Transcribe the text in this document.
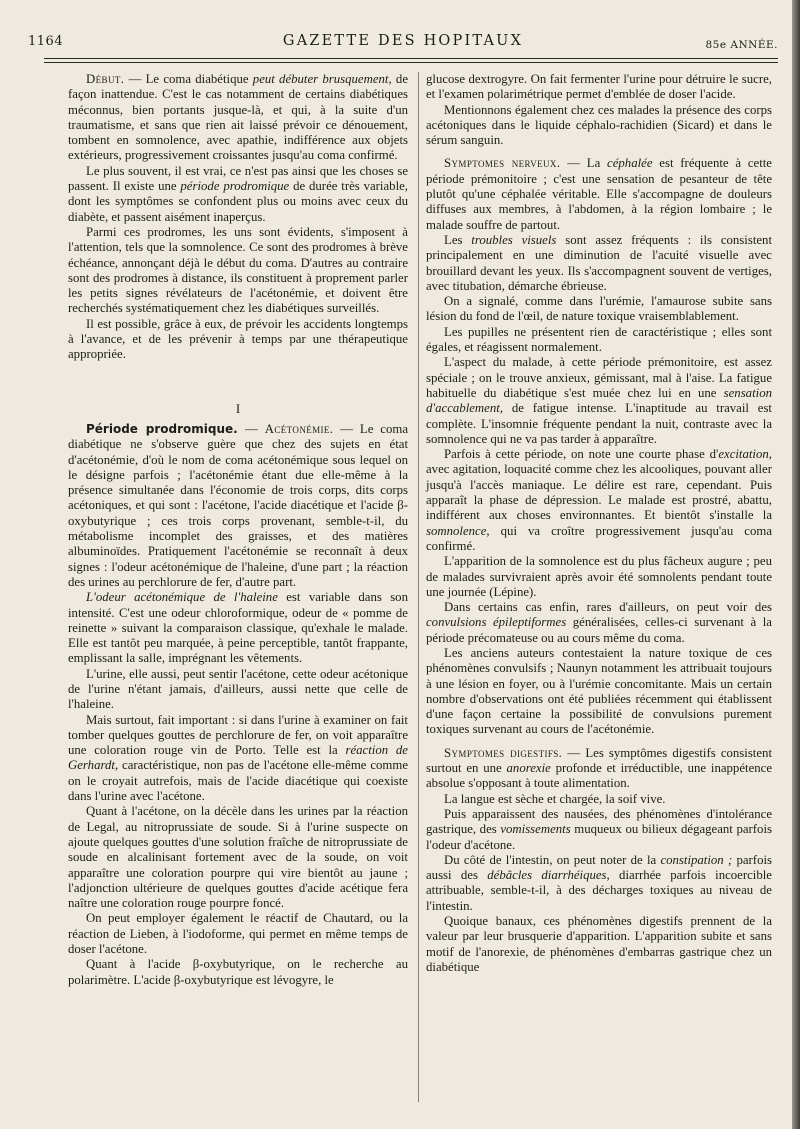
1164	GAZETTE DES HOPITAUX	85e ANNÉE.

Début. — Le coma diabétique peut débuter brusquement, de façon inattendue. C'est le cas notamment de certains diabétiques méconnus, bien portants jusque-là, et qui, à la suite d'un traumatisme, et sans que rien ait laissé prévoir ce dénouement, tombent en somnolence, avec apathie, indifférence aux objets extérieurs, progressivement croissantes jusqu'au coma confirmé.

Le plus souvent, il est vrai, ce n'est pas ainsi que les choses se passent. Il existe une période prodromique de durée très variable, dont les symptômes se confondent plus ou moins avec ceux du diabète, et passent aisément inaperçus.

Parmi ces prodromes, les uns sont évidents, s'imposent à l'attention, tels que la somnolence. Ce sont des prodromes à brève échéance, annonçant déjà le début du coma. D'autres au contraire sont des prodromes à distance, ils constituent à proprement parler les petits signes révélateurs de l'acétonémie, et doivent être recherchés systématiquement chez les diabétiques surveillés.

Il est possible, grâce à eux, de prévoir les accidents longtemps à l'avance, et de les prévenir à temps par une thérapeutique appropriée.

I

Période prodromique. — Acétonémie. — Le coma diabétique ne s'observe guère que chez des sujets en état d'acétonémie, d'où le nom de coma acétonémique sous lequel on le désigne parfois ; l'acétonémie étant due elle-même à la présence simultanée dans l'économie de trois corps, dits corps acétoniques, et qui sont : l'acétone, l'acide diacétique et l'acide β-oxybutyrique ; ces trois corps provenant, semble-t-il, du métabolisme incomplet des graisses, et des matières albuminoïdes. Pratiquement l'acétonémie se reconnaît à deux signes : l'odeur acétonémique de l'haleine, d'une part ; la réaction des urines au perchlorure de fer, d'autre part.

L'odeur acétonémique de l'haleine est variable dans son intensité. C'est une odeur chloroformique, odeur de « pomme de reinette » suivant la comparaison classique, qu'exhale le malade. Elle est tantôt peu marquée, à peine perceptible, tantôt frappante, emplissant la salle, imprégnant les vêtements.

L'urine, elle aussi, peut sentir l'acétone, cette odeur acétonique de l'urine n'étant jamais, d'ailleurs, aussi nette que celle de l'haleine.

Mais surtout, fait important : si dans l'urine à examiner on fait tomber quelques gouttes de perchlorure de fer, on voit apparaître une coloration rouge vin de Porto. Telle est la réaction de Gerhardt, caractéristique, non pas de l'acétone elle-même comme on le croyait autrefois, mais de l'acide diacétique qui coexiste dans l'urine avec l'acétone.

Quant à l'acétone, on la décèle dans les urines par la réaction de Legal, au nitroprussiate de soude. Si à l'urine suspecte on ajoute quelques gouttes d'une solution fraîche de nitroprussiate de soude en alcalinisant fortement avec de la soude, on voit apparaître une coloration pourpre qui vire bientôt au jaune ; l'adjonction ultérieure de quelques gouttes d'acide acétique fera naître une coloration rouge pourpre foncé.

On peut employer également le réactif de Chautard, ou la réaction de Lieben, à l'iodoforme, qui permet en même temps de doser l'acétone.

Quant à l'acide β-oxybutyrique, on le recherche au polarimètre. L'acide β-oxybutyrique est lévogyre, le

glucose dextrogyre. On fait fermenter l'urine pour détruire le sucre, et l'examen polarimétrique permet d'emblée de doser l'acide.

Mentionnons également chez ces malades la présence des corps acétoniques dans le liquide céphalo-rachidien (Sicard) et dans le sérum sanguin.

Symptomes nerveux. — La céphalée est fréquente à cette période prémonitoire ; c'est une sensation de pesanteur de tête plutôt qu'une céphalée véritable. Elle s'accompagne de douleurs diffuses aux membres, à l'abdomen, à la région lombaire ; le malade souffre de partout.

Les troubles visuels sont assez fréquents : ils consistent principalement en une diminution de l'acuité visuelle avec brouillard devant les yeux. Ils s'accompagnent souvent de vertiges, avec titubation, démarche ébrieuse.

On a signalé, comme dans l'urémie, l'amaurose subite sans lésion du fond de l'œil, de nature toxique vraisemblablement.

Les pupilles ne présentent rien de caractéristique ; elles sont égales, et réagissent normalement.

L'aspect du malade, à cette période prémonitoire, est assez spéciale ; on le trouve anxieux, gémissant, mal à l'aise. La fatigue habituelle du diabétique s'est muée chez lui en une sensation d'accablement, de fatigue intense. L'inaptitude au travail est complète. L'insomnie fréquente pendant la nuit, contraste avec la somnolence qui ne va pas tarder à apparaître.

Parfois à cette période, on note une courte phase d'excitation, avec agitation, loquacité comme chez les alcooliques, pouvant aller jusqu'à l'accès maniaque. Le délire est rare, cependant. Puis apparaît la phase de dépression. Le malade est prostré, abattu, indifférent aux choses environnantes. Et bientôt s'installe la somnolence, qui va croître progressivement jusqu'au coma confirmé.

L'apparition de la somnolence est du plus fâcheux augure ; peu de malades survivraient après avoir été somnolents pendant toute une journée (Lépine).

Dans certains cas enfin, rares d'ailleurs, on peut voir des convulsions épileptiformes généralisées, celles-ci survenant à la période précomateuse ou au cours même du coma.

Les anciens auteurs contestaient la nature toxique de ces phénomènes convulsifs ; Naunyn notamment les attribuait toujours à une lésion en foyer, ou à l'urémie concomitante. Mais un certain nombre d'observations ont été publiées récemment qui établissent d'une façon certaine la possibilité de convulsions purement toxiques survenant au cours de l'acétonémie.

Symptomes digestifs. — Les symptômes digestifs consistent surtout en une anorexie profonde et irréductible, une inappétence absolue s'opposant à toute alimentation.

La langue est sèche et chargée, la soif vive.

Puis apparaissent des nausées, des phénomènes d'intolérance gastrique, des vomissements muqueux ou bilieux dégageant parfois l'odeur d'acétone.

Du côté de l'intestin, on peut noter de la constipation ; parfois aussi des débâcles diarrhéiques, diarrhée parfois incoercible attribuable, semble-t-il, à des décharges toxiques au niveau de l'intestin.

Quoique banaux, ces phénomènes digestifs prennent de la valeur par leur brusquerie d'apparition. L'apparition subite et sans motif de l'anorexie, de phénomènes d'embarras gastrique chez un diabétique
